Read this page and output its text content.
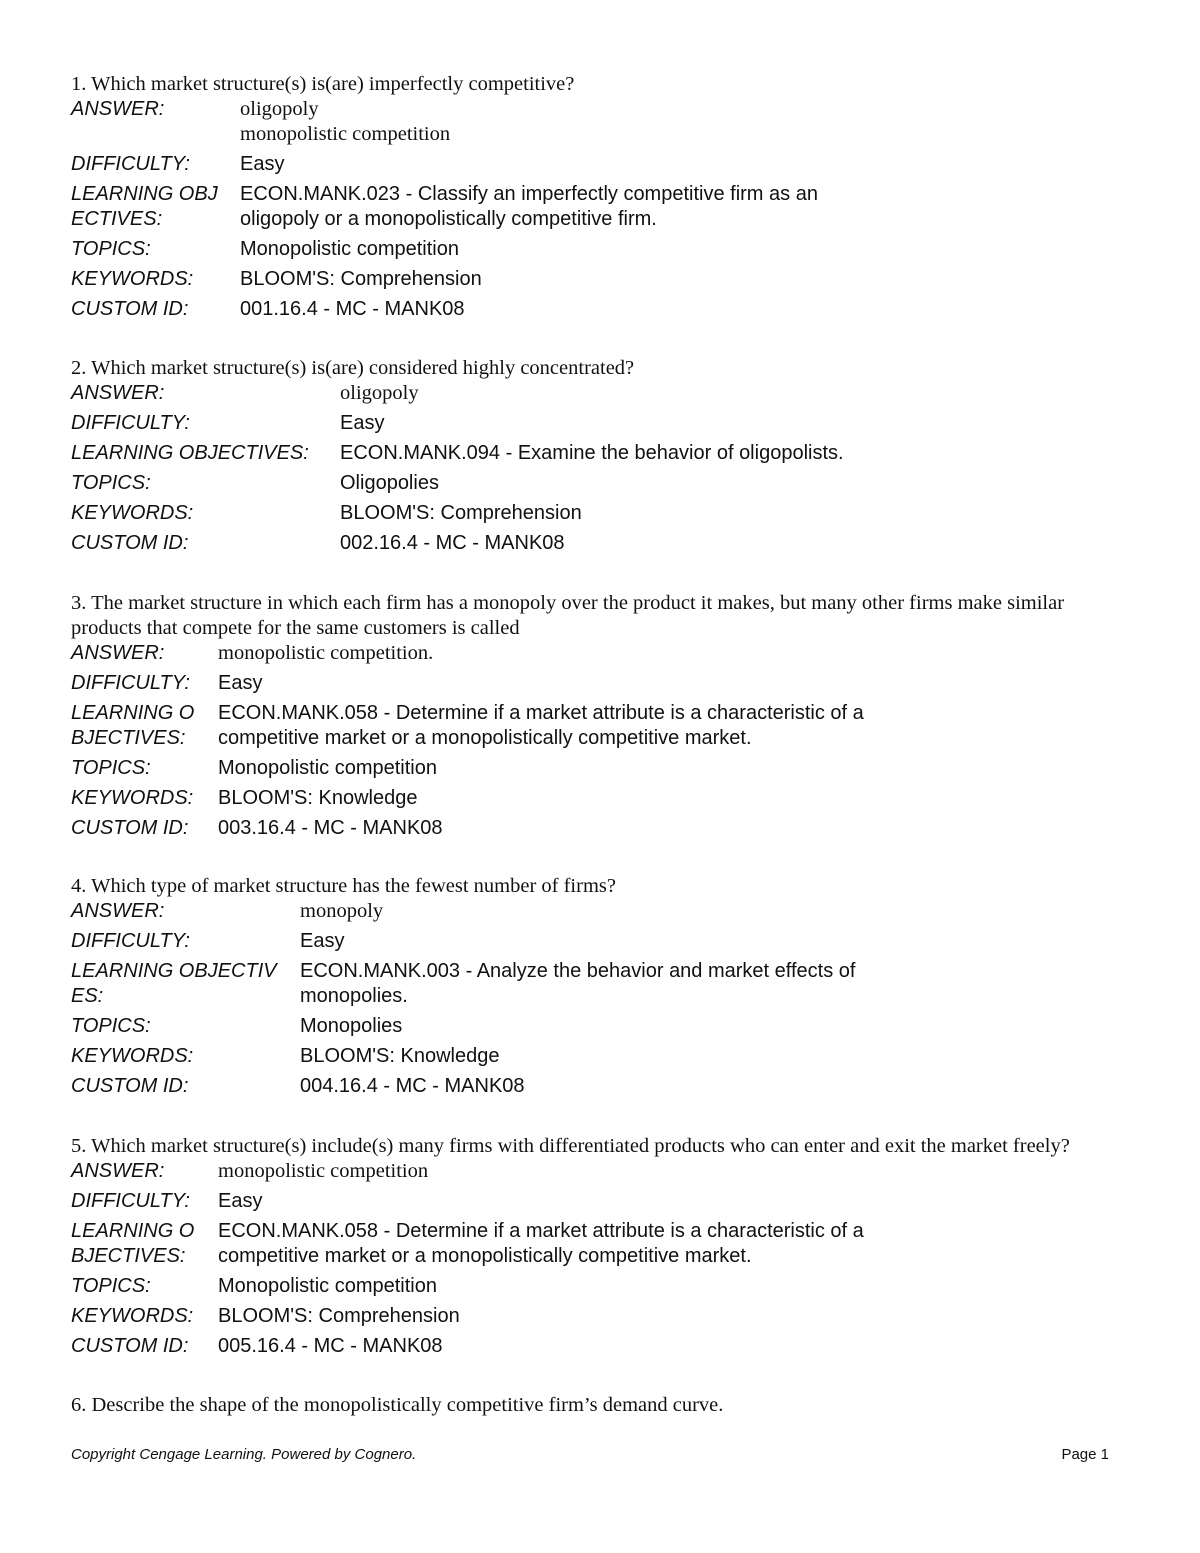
1. Which market structure(s) is(are) imperfectly competitive?

ANSWER:	oligopoly
monopolistic competition
DIFFICULTY:	Easy
LEARNING OBJ
ECTIVES:
ECON.MANK.023 - Classify an imperfectly competitive firm as an
oligopoly or a monopolistically competitive firm.
TOPICS:	Monopolistic competition
KEYWORDS:	BLOOM'S: Comprehension
CUSTOM ID:	001.16.4 - MC - MANK08

2. Which market structure(s) is(are) considered highly concentrated?

ANSWER:	oligopoly
DIFFICULTY:	Easy
LEARNING OBJECTIVES:	ECON.MANK.094 - Examine the behavior of oligopolists.
TOPICS:	Oligopolies
KEYWORDS:	BLOOM'S: Comprehension
CUSTOM ID:	002.16.4 - MC - MANK08

3. The market structure in which each firm has a monopoly over the product it makes, but many other firms make similar
products that compete for the same customers is called

ANSWER:	monopolistic competition.
DIFFICULTY:	Easy
LEARNING O
BJECTIVES:
ECON.MANK.058 - Determine if a market attribute is a characteristic of a
competitive market or a monopolistically competitive market.
TOPICS:	Monopolistic competition
KEYWORDS:	BLOOM'S: Knowledge
CUSTOM ID:	003.16.4 - MC - MANK08

4. Which type of market structure has the fewest number of firms?

ANSWER:	monopoly
DIFFICULTY:	Easy
LEARNING OBJECTIV
ES:
ECON.MANK.003 - Analyze the behavior and market effects of
monopolies.
TOPICS:	Monopolies
KEYWORDS:	BLOOM'S: Knowledge
CUSTOM ID:	004.16.4 - MC - MANK08

5. Which market structure(s) include(s) many firms with differentiated products who can enter and exit the market freely?

ANSWER:	monopolistic competition
DIFFICULTY:	Easy
LEARNING O
BJECTIVES:
ECON.MANK.058 - Determine if a market attribute is a characteristic of a
competitive market or a monopolistically competitive market.
TOPICS:	Monopolistic competition
KEYWORDS:	BLOOM'S: Comprehension
CUSTOM ID:	005.16.4 - MC - MANK08

6. Describe the shape of the monopolistically competitive firm’s demand curve.

Copyright Cengage Learning. Powered by Cognero.	Page 1
